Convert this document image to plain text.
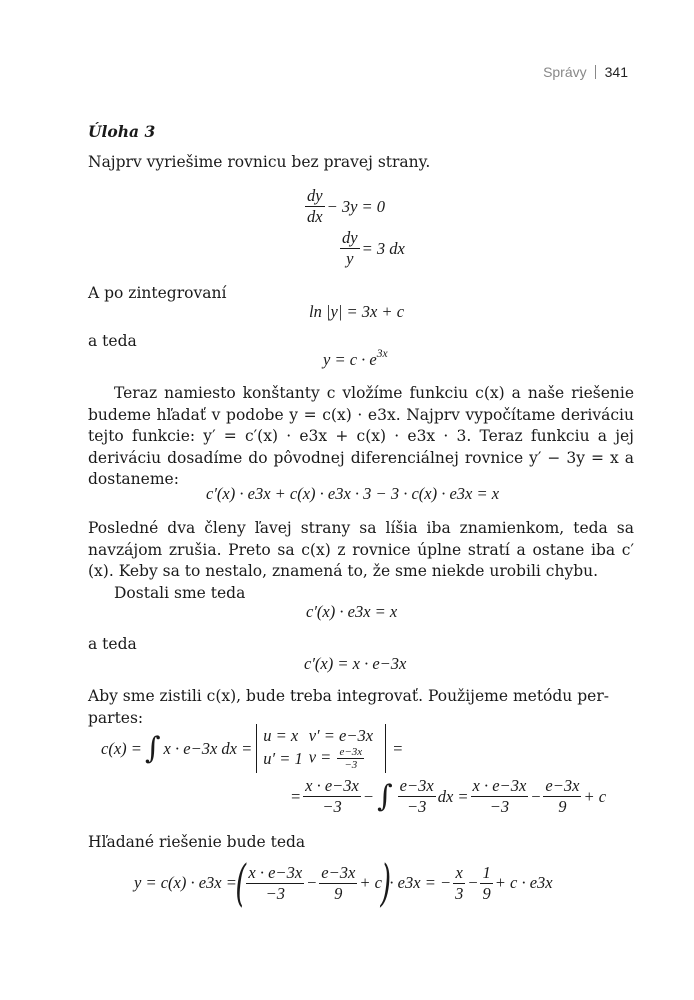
Správy 341
Úloha 3
Najprv vyriešime rovnicu bez pravej strany.
$\frac{dy}{dx} - 3y = 0$
$\frac{dy}{y} = 3$ dx
A po zintegrovaní
ln |y| = 3x + c
a teda
$y = c \cdot e^{3x}$
Teraz namiesto konštanty c vložíme funkciu c(x) a naše riešenie budeme hľadať v podobe y = c(x) · e3x. Najprv vypočítame deriváciu tejto funkcie: y′ = c′(x) · e3x + c(x) · e3x · 3. Teraz funkciu a jej deriváciu dosadíme do pôvodnej diferenciálnej rovnice y′ − 3y = x a dostaneme:
c′(x) · e3x + c(x) · e3x · 3 − 3 · c(x) · e3x = x
Posledné dva členy ľavej strany sa líšia iba znamienkom, teda sa navzájom zrušia. Preto sa c(x) z rovnice úplne stratí a ostane iba c′(x). Keby sa to nestalo, znamená to, že sme niekde urobili chybu.
Dostali sme teda
c′(x) · e3x = x
a teda
c′(x) = x · e−3x
Aby sme zistili c(x), bude treba integrovať. Použijeme metódu per-partes:
c(x) = ∫ x · e−3x dx =
u = x	v′ = e−3x
u′ = 1	$v = \frac{e-3x}{-3}$ =
= $\frac{x \cdot e-3x}{-3}$ − ∫ $\frac{e-3x}{-3}$ dx = $\frac{x \cdot e-3x}{-3} - \frac{e-3x}{9} + c$
Hľadané riešenie bude teda
y = c(x) · e3x =
( $\frac{x \cdot e-3x}{-3} - \frac{e-3x}{9} + c$
)
· e3x = − $\frac{x}{3} - \frac{1}{9} + c \cdot e3x$
